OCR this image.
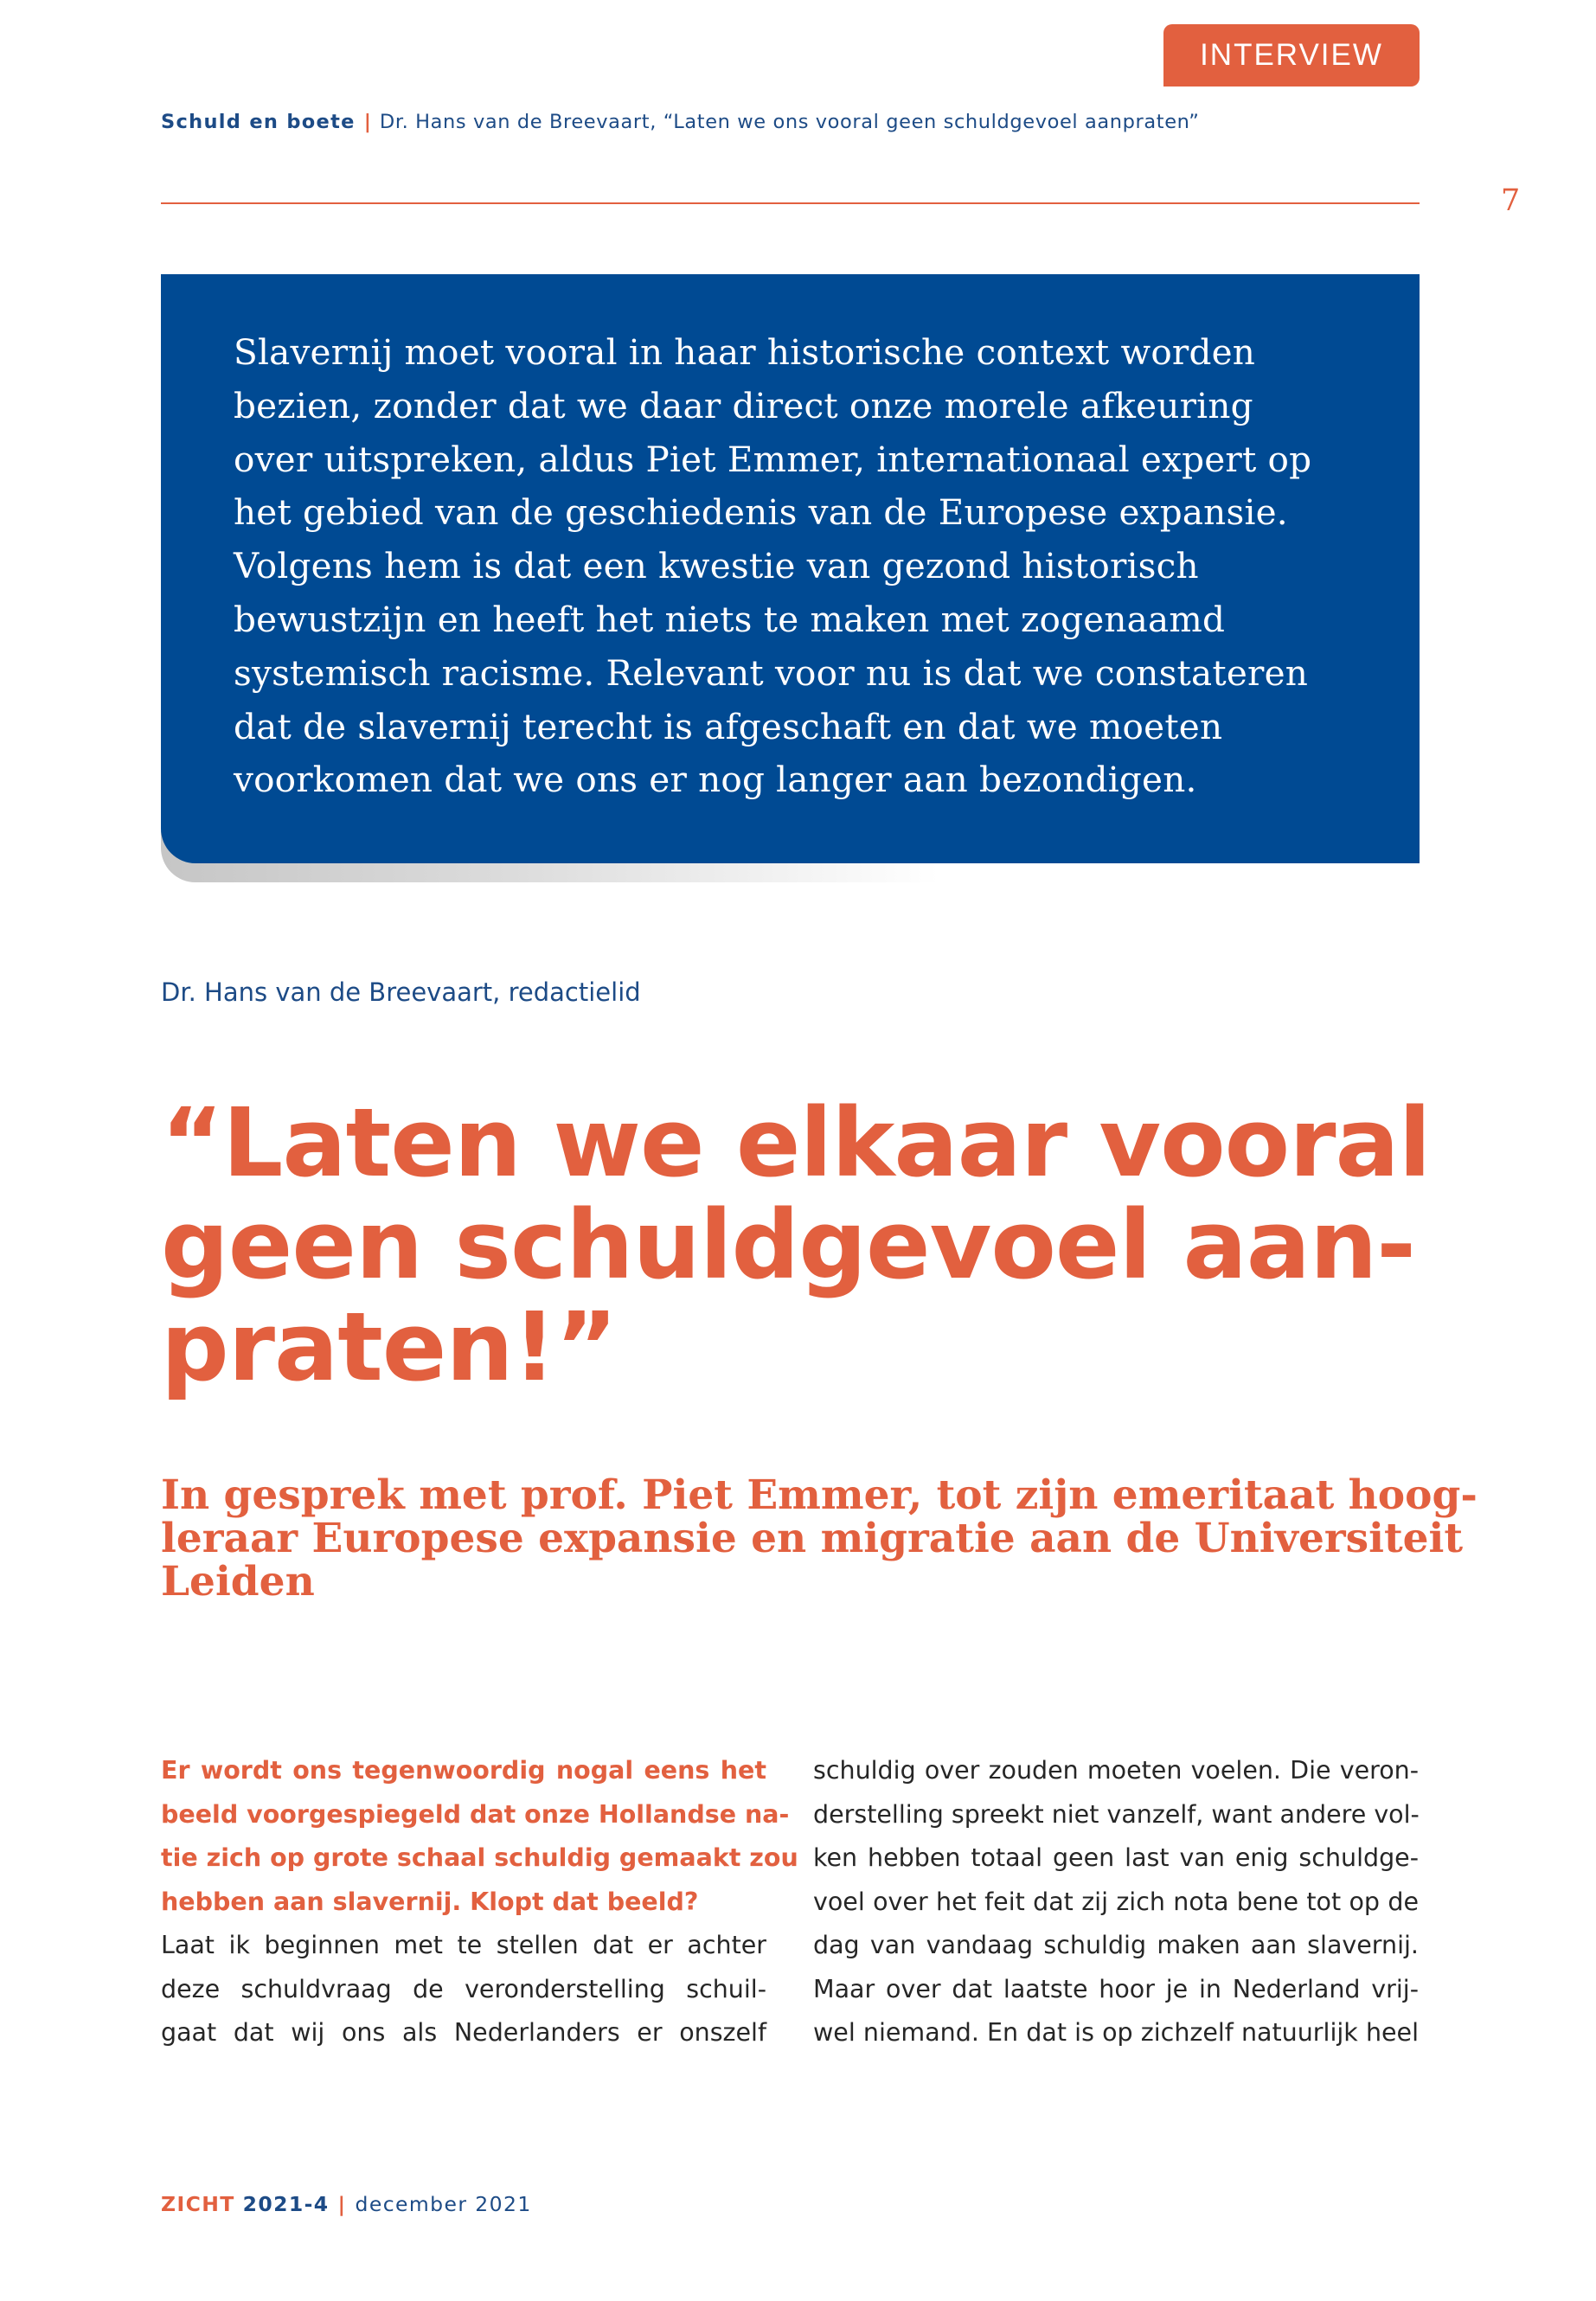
INTERVIEW
Schuld en boete | Dr. Hans van de Breevaart, “Laten we ons vooral geen schuldgevoel aanpraten”
7

Slavernij moet vooral in haar historische context worden
bezien, zonder dat we daar direct onze morele afkeuring
over uitspreken, aldus Piet Emmer, internationaal expert op
het gebied van de geschiedenis van de Europese expansie.
Volgens hem is dat een kwestie van gezond historisch
bewustzijn en heeft het niets te maken met zogenaamd
systemisch racisme. Relevant voor nu is dat we constateren
dat de slavernij terecht is afgeschaft en dat we moeten
voorkomen dat we ons er nog langer aan bezondigen.

Dr. Hans van de Breevaart, redactielid
“Laten we elkaar vooral
geen schuldgevoel aan-
praten!”
In gesprek met prof. Piet Emmer, tot zijn emeritaat hoog-
leraar Europese expansie en migratie aan de Universiteit
Leiden
Er wordt ons tegenwoordig nogal eens het
beeld voorgespiegeld dat onze Hollandse na-
tie zich op grote schaal schuldig gemaakt zou
hebben aan slavernij. Klopt dat beeld?
Laat ik beginnen met te stellen dat er achter
deze schuldvraag de veronderstelling schuil-
gaat dat wij ons als Nederlanders er onszelf
schuldig over zouden moeten voelen. Die veron-
derstelling spreekt niet vanzelf, want andere vol-
ken hebben totaal geen last van enig schuldge-
voel over het feit dat zij zich nota bene tot op de
dag van vandaag schuldig maken aan slavernij.
Maar over dat laatste hoor je in Nederland vrij-
wel niemand. En dat is op zichzelf natuurlijk heel
ZICHT 2021-4 | december 2021
